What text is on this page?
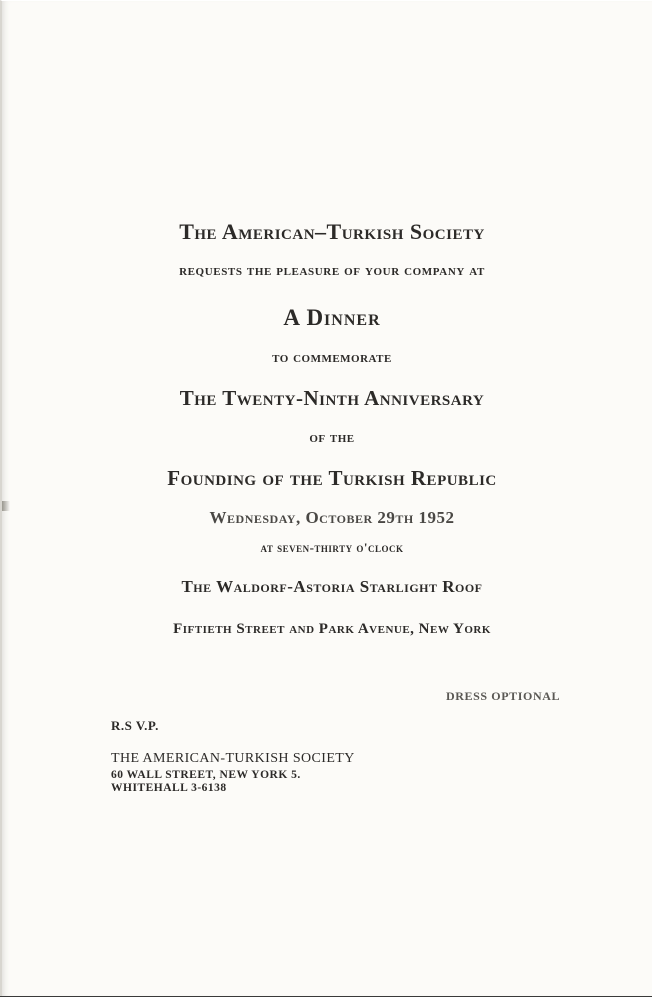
The American–Turkish Society
requests the pleasure of your company at
A Dinner
to commemorate
The Twenty-Ninth Anniversary
of the
Founding of the Turkish Republic
Wednesday, October 29th 1952
at seven-thirty o'clock
The Waldorf-Astoria Starlight Roof
Fiftieth Street and Park Avenue, New York
DRESS OPTIONAL
R.S V.P.
THE AMERICAN-TURKISH SOCIETY
60 WALL STREET, NEW YORK 5.
WHITEHALL 3-6138
